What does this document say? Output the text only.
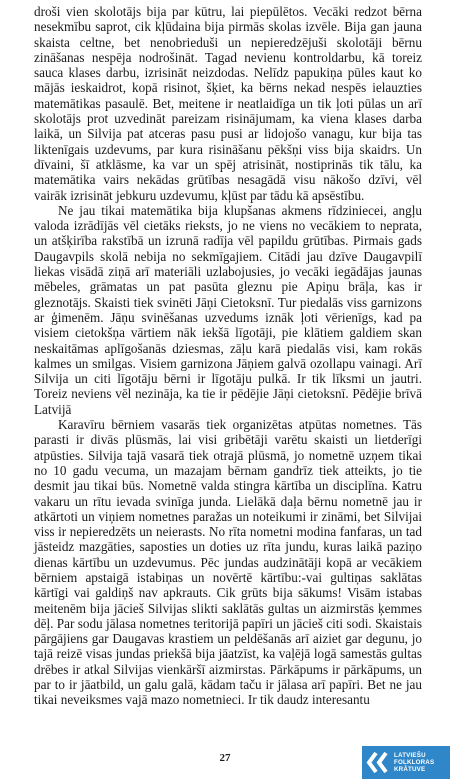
droši vien skolotājs bija par kūtru, lai piepūlētos. Vecāki redzot bērna nesekmību saprot, cik kļūdaina bija pirmās skolas izvēle. Bija gan jauna skaista celtne, bet nenobrieduši un nepieredzējuši skolotāji bērnu zināšanas nespēja nodrošināt. Tagad nevienu kontroldarbu, kā toreiz sauca klases darbu, izrisināt neizdodas. Nelīdz papukiņa pūles kaut ko mājās ieskaidrot, kopā risinot, šķiet, ka bērns nekad nespēs ielauzties matemātikas pasaulē. Bet, meitene ir neatlaidīga un tik ļoti pūlas un arī skolotājs prot uzvedināt pareizam risinājumam, ka viena klases darba laikā, un Silvija pat atceras pasu pusi ar lidojošo vanagu, kur bija tas liktenīgais uzdevums, par kura risināšanu pēkšņi viss bija skaidrs. Un dīvaini, šī atklāsme, ka var un spēj atrisināt, nostiprinās tik tālu, ka matemātika vairs nekādas grūtības nesagādā visu nākošo dzīvi, vēl vairāk izrisināt jebkuru uzdevumu, kļūst par tādu kā apsēstību.

Ne jau tikai matemātika bija klupšanas akmens rīdziniecei, angļu valoda izrādījās vēl cietāks rieksts, jo ne viens no vecākiem to neprata, un atšķirība rakstībā un izrunā radīja vēl papildu grūtības. Pirmais gads Daugavpils skolā nebija no sekmīgajiem. Citādi jau dzīve Daugavpilī liekas visādā ziņā arī materiāli uzlabojusies, jo vecāki iegādājas jaunas mēbeles, grāmatas un pat pasūta gleznu pie Apiņu brāļa, kas ir gleznotājs. Skaisti tiek svinēti Jāņi Cietoksnī. Tur piedalās viss garnizons ar ģimenēm. Jāņu svinēšanas uzvedums iznāk ļoti vērienīgs, kad pa visiem cietokšņa vārtiem nāk iekšā līgotāji, pie klātiem galdiem skan neskaitāmas aplīgošanās dziesmas, zāļu karā piedalās visi, kam rokās kalmes un smilgas. Visiem garnizona Jāņiem galvā ozollapu vainagi. Arī Silvija un citi līgotāju bērni ir līgotāju pulkā. Ir tik līksmi un jautri. Toreiz neviens vēl nezināja, ka tie ir pēdējie Jāņi cietoksnī. Pēdējie brīvā Latvijā

Karavīru bērniem vasarās tiek organizētas atpūtas nometnes. Tās parasti ir divās plūsmās, lai visi gribētāji varētu skaisti un lietderīgi atpūsties. Silvija tajā vasarā tiek otrajā plūsmā, jo nometnē uzņem tikai no 10 gadu vecuma, un mazajam bērnam gandrīz tiek atteikts, jo tie desmit jau tikai būs. Nometnē valda stingra kārtība un disciplīna. Katru vakaru un rītu ievada svinīga junda. Lielākā daļa bērnu nometnē jau ir atkārtoti un viņiem nometnes paražas un noteikumi ir zināmi, bet Silvijai viss ir nepieredzēts un neierasts. No rīta nometni modina fanfaras, un tad jāsteidz mazgāties, saposties un doties uz rīta jundu, kuras laikā paziņo dienas kārtību un uzdevumus. Pēc jundas audzinātāji kopā ar vecākiem bērniem apstaigā istabiņas un novērtē kārtību:-vai gultiņas saklātas kārtīgi vai galdiņš nav apkrauts. Cik grūts bija sākums! Visām istabas meitenēm bija jācieš Silvijas slikti saklātās gultas un aizmirstās ķemmes dēļ. Par sodu jālasa nometnes teritorijā papīri un jācieš citi sodi. Skaistais pārgājiens gar Daugavas krastiem un peldēšanās arī aiziet gar degunu, jo tajā reizē visas jundas priekšā bija jāatzīst, ka vaļējā logā samestās gultas drēbes ir atkal Silvijas vienkāršī aizmirstas. Pārkāpums ir pārkāpums, un par to ir jāatbild, un galu galā, kādam taču ir jālasa arī papīri. Bet ne jau tikai neveiksmes vajā mazo nometnieci. Ir tik daudz interesantu

27	LATVIEŠU
FOLKLORAS
KRĀTUVE
